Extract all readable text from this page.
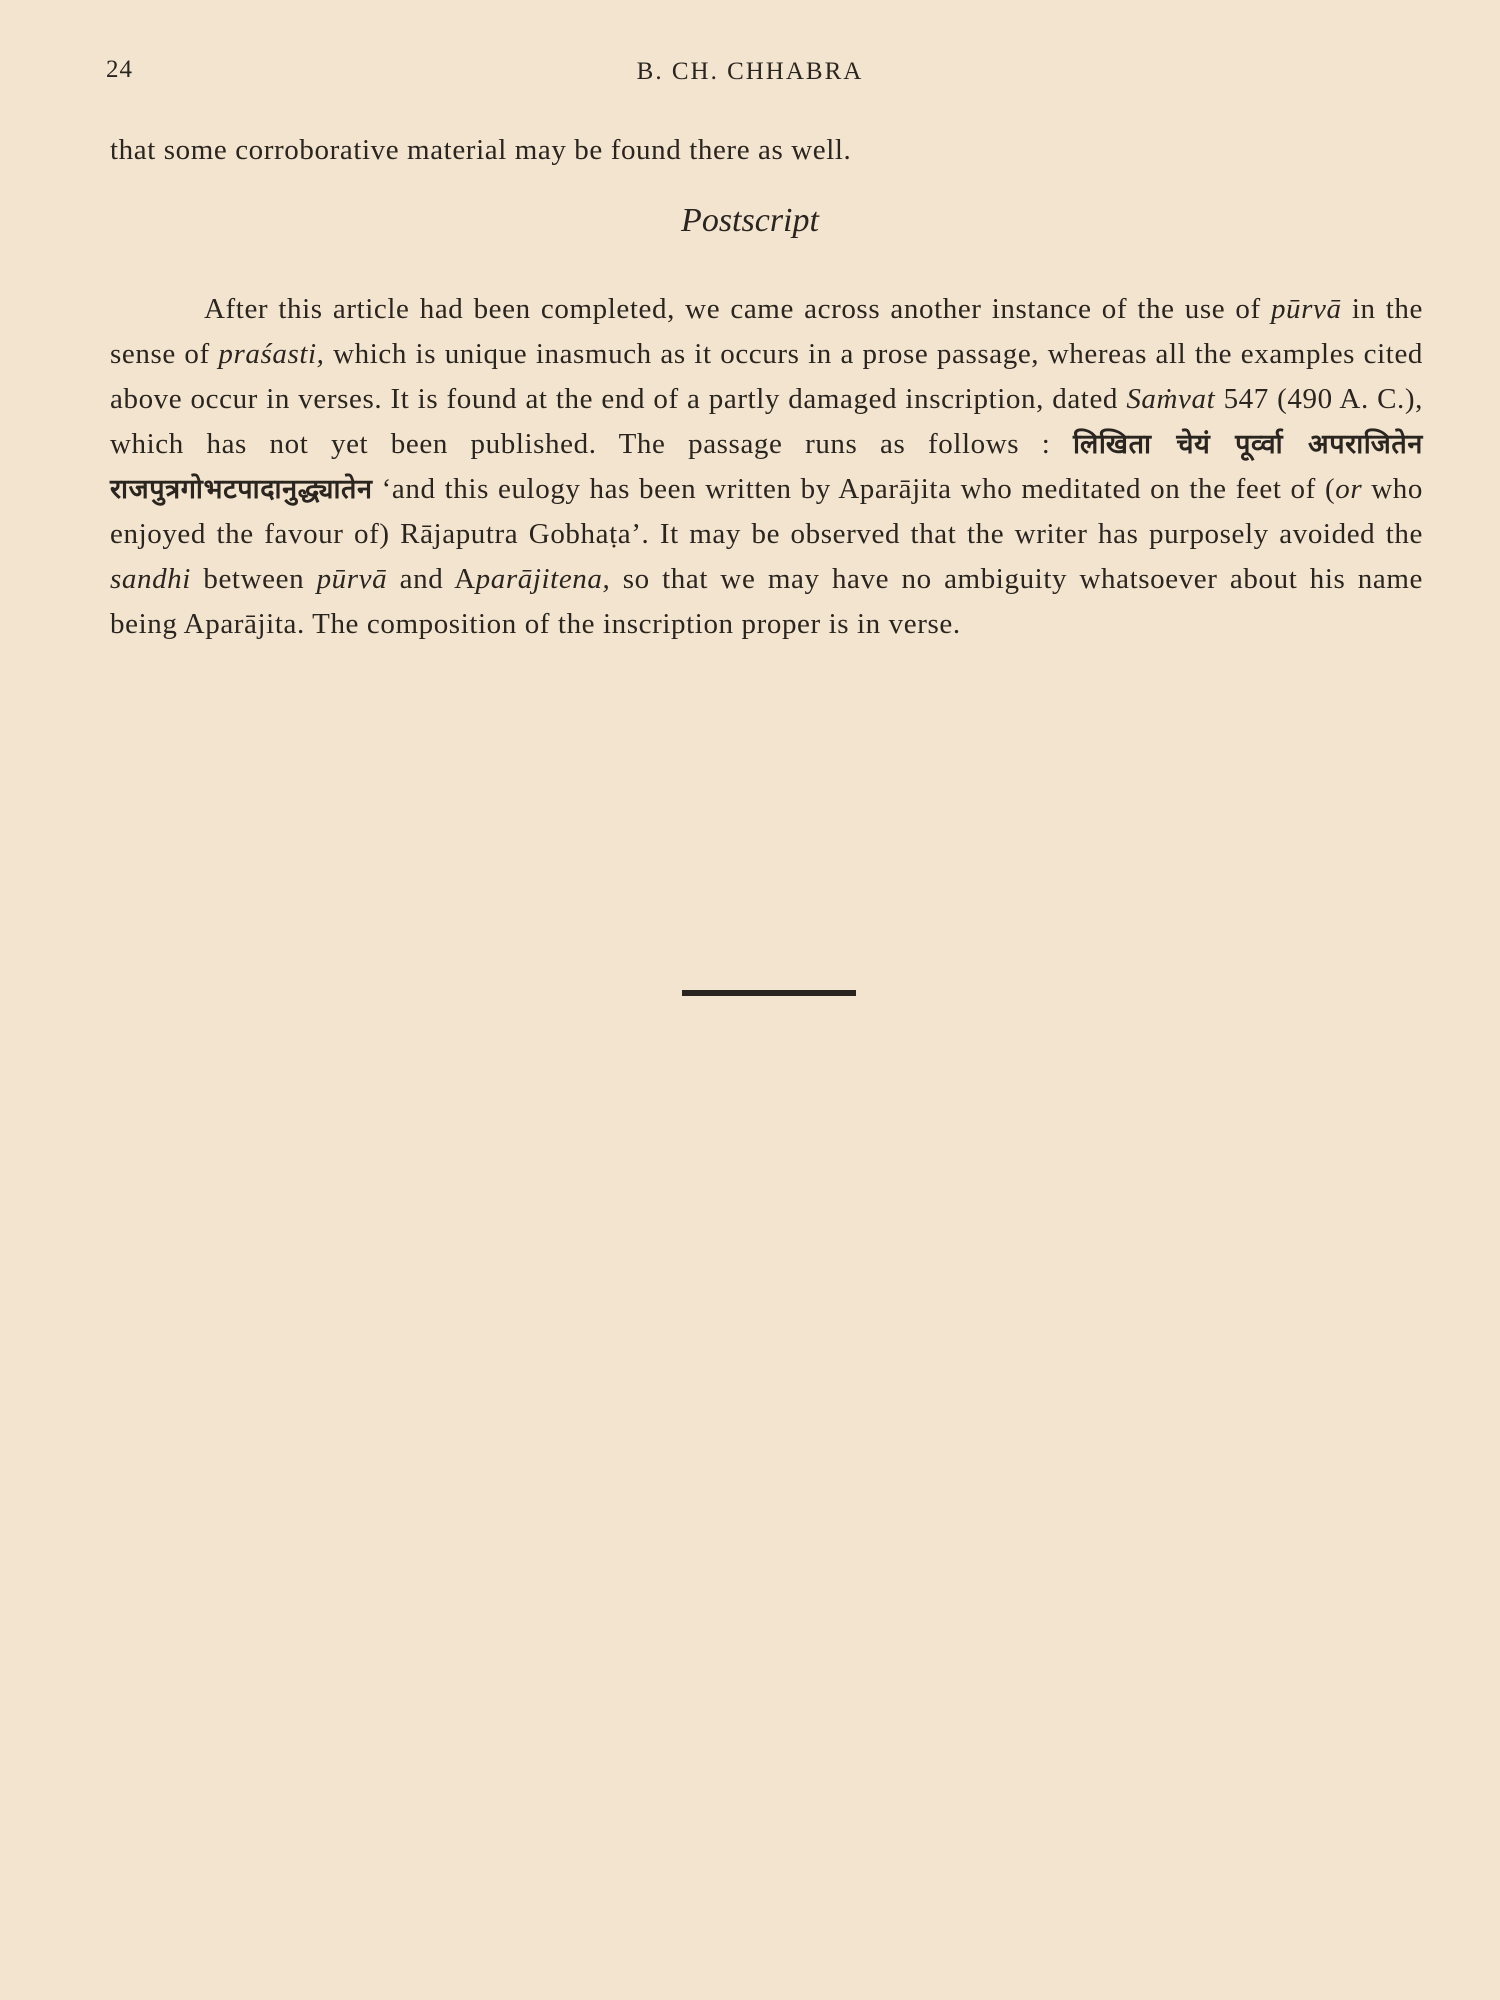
24	B. CH. CHHABRA

that some corroborative material may be found there as well.

Postscript

After this article had been completed, we came across another instance of the use of pūrvā in the sense of praśasti, which is unique inasmuch as it occurs in a prose passage, whereas all the examples cited above occur in verses. It is found at the end of a partly damaged inscription, dated Saṁvat 547 (490 A. C.), which has not yet been published. The passage runs as follows : लिखिता चेयं पूर्व्वा अपराजितेन राजपुत्रगोभटपादानुद्ध्यातेन ‘and this eulogy has been written by Aparājita who meditated on the feet of (or who enjoyed the favour of) Rājaputra Gobhaṭa’. It may be observed that the writer has purposely avoided the sandhi between pūrvā and Aparājitena, so that we may have no ambiguity whatsoever about his name being Aparājita. The composition of the inscription proper is in verse.
